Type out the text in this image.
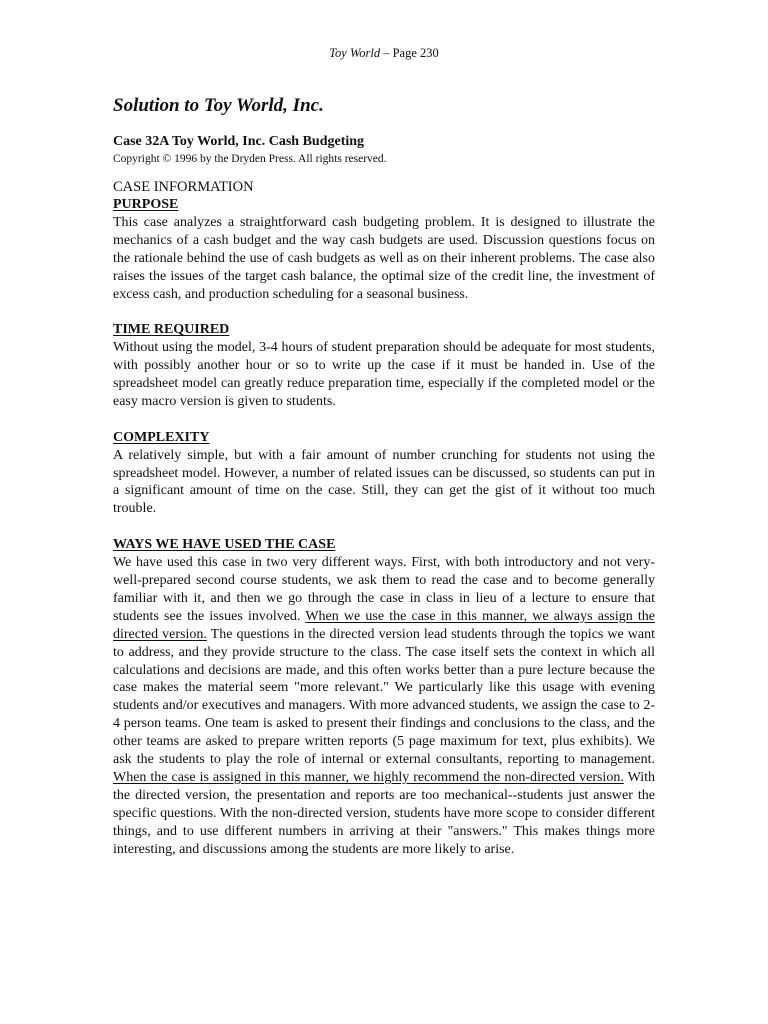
Toy World – Page 230
Solution to Toy World, Inc.
Case 32A Toy World, Inc. Cash Budgeting

Copyright © 1996 by the Dryden Press. All rights reserved.

CASE INFORMATION
PURPOSE

This case analyzes a straightforward cash budgeting problem. It is designed to illustrate the mechanics of a cash budget and the way cash budgets are used. Discussion questions focus on the rationale behind the use of cash budgets as well as on their inherent problems. The case also raises the issues of the target cash balance, the optimal size of the credit line, the investment of excess cash, and production scheduling for a seasonal business.

TIME REQUIRED

Without using the model, 3-4 hours of student preparation should be adequate for most students, with possibly another hour or so to write up the case if it must be handed in. Use of the spreadsheet model can greatly reduce preparation time, especially if the completed model or the easy macro version is given to students.

COMPLEXITY

A relatively simple, but with a fair amount of number crunching for students not using the spreadsheet model. However, a number of related issues can be discussed, so students can put in a significant amount of time on the case. Still, they can get the gist of it without too much trouble.

WAYS WE HAVE USED THE CASE

We have used this case in two very different ways. First, with both introductory and not very-well-prepared second course students, we ask them to read the case and to become generally familiar with it, and then we go through the case in class in lieu of a lecture to ensure that students see the issues involved. When we use the case in this manner, we always assign the directed version. The questions in the directed version lead students through the topics we want to address, and they provide structure to the class. The case itself sets the context in which all calculations and decisions are made, and this often works better than a pure lecture because the case makes the material seem "more relevant." We particularly like this usage with evening students and/or executives and managers. With more advanced students, we assign the case to 2-4 person teams. One team is asked to present their findings and conclusions to the class, and the other teams are asked to prepare written reports (5 page maximum for text, plus exhibits). We ask the students to play the role of internal or external consultants, reporting to management. When the case is assigned in this manner, we highly recommend the non-directed version. With the directed version, the presentation and reports are too mechanical--students just answer the specific questions. With the non-directed version, students have more scope to consider different things, and to use different numbers in arriving at their "answers." This makes things more interesting, and discussions among the students are more likely to arise.
